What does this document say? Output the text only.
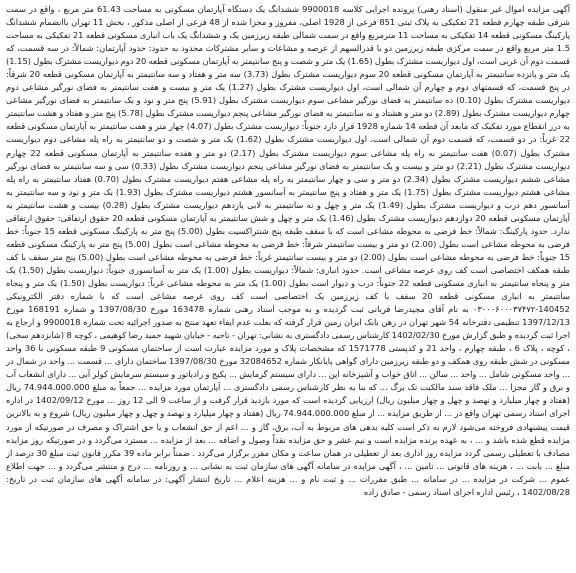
آگهی مزایده اموال غیر منقول (اسناد رهنی) پرونده اجرایی کلاسه 9900018 ششدانگ یک دستگاه آپارتمان مسکونی به مساحت 61.43 متر مربع ، واقع در سمت شرقی طبقه چهارم قطعه 21 تفکیکی به پلاک ثبتی 851 فرعی از 1928 اصلی، مفروز و مجزا شده از 48 فرعی از اصلی مذکور ، بخش 11 تهران باانضمام ششدانگ پارکینگ مسکونی قطعه 14 تفکیکی به مساحت 11 مترمربع واقع در سمت شمالی طبقه زیرزمین یک و ششدانگ یک باب انباری مسکونی قطعه 21 تفکیکی به مساحت 1.5 متر مربع واقع در سمت مرکزی طبقه زیرزمین دو با قدرالسهم از عرصه و مشاعات و سایر مشترکات محدود به حدود: حدود آپارتمان: شمالاً: در سه قسمت، که قسمت دوم آن غربی است، اول دیواریست مشترک بطول (1.65) یک متر و شصت و پنج سانتیمتر به آپارتمان مسکونی قطعه 20 دوم دیواریست مشترک بطول (1.15) یک متر و پانزده سانتیمتر به آپارتمان مسکونی قطعه 20 سوم دیواریست مشترک بطول (3.73) سه متر و هفتاد و سه سانتیمتر به آپارتمان مسکونی قطعه 20 شرقاً: در پنج قسمت، که قسمتهای دوم و چهارم آن شمالی است، اول دیواریست مشترک بطول (1.27) یک متر و بیست و هفت سانتیمتر به فضای نورگیر مشاعی دوم دیواریست مشترک بطول (0.10) ده سانتیمتر به فضای نورگیر مشاعی سوم دیواریست مشترک بطول (5.91) پنج متر و نود و یک سانتیمتر به فضای نورگیر مشاعی چهارم دیواریست مشترک بطول (2.89) دو متر و هشتاد و نه سانتیمتر به فضای نورگیر مشاعی پنجم دیواریست مشترک بطول (5.78) پنج متر و هفتاد و هشت سانتیمتر به درز انقطاع مورد تفکیک که مابعد آن قطعه 14 شماره 1928 قرار دارد جنوباً: دیواریست مشترک بطول (4.07) چهار متر و هفت سانتیمتر به آپارتمان مسکونی قطعه 22 غرباً: در دو قسمت، که قسمت دوم آن شمالی است، اول دیواریست مشترک بطول (1.62) یک متر و شصت و دو سانتیمتر به راه پله مشاعی دوم دیواریست مشترک بطول (0.07) هفت سانتیمتر به راه پله مشاعی سوم دیواریست مشترک بطول (2.17) دو متر و هفده سانتیمتر به آپارتمان مسکونی قطعه 22 چهارم دیواریست مشترک بطول (2.21) دو متر و بیست و یک سانتیمتر به فضای نورگیر مشاعی پنجم دیواریست مشترک بطول (0.33) سی و سه سانتیمتر به فضای نورگیر مشاعی ششم دیواریست مشترک بطول (2.34) دو متر و سی و چهار سانتیمتر به راه پله مشاعی هفتم دیواریست مشترک بطول (0.70) هفتاد سانتیمتر به راه پله مشاعی هشتم دیواریست مشترک بطول (1.75) یک متر و هفتاد و پنج سانتیمتر به آسانسور هشتم دیواریست مشترک بطول (1.93) یک متر و نود و سه سانتیمتر به آسانسور دهم درب و دیواریست مشترک بطول (1.49) یک متر و چهل و نه سانتیمتر به لابی یازدهم دیواریست مشترک بطول (0.28) بیست و هشت سانتیمتر به آپارتمان مسکونی قطعه 20 دوازدهم دیواریست مشترک بطول (1.46) یک متر و چهل و شش سانتیمتر به آپارتمان مسکونی قطعه 20 حقوق ارتفاقی: حقوق ارتفاقی ندارد. حدود پارکینگ: شمالاً: خط فرضی به محوطه مشاعی است که با سقف طبقه پنج شنتراکسیت بطول (5.00) پنج متر به پارکینگ مسکونی قطعه 15 جنوباً: خط فرضی به محوطه مشاعی است بطول (2.00) دو متر و بیست سانتیمتر شرقاً: خط فرضی به محوطه مشاعی است بطول (5.00) پنج متر به پارکینگ مسکونی قطعه 15 جنوباً: خط فرضی به محوطه مشاعی است بطول (2.00) دو متر و بیست سانتیمتر غرباً: خط فرضی به محوطه مشاعی است بطول (5.00) پنج متر سقف با کف طبقه همکف اختصاصی است کف روی عرصه مشاعی است. حدود انباری: شمالاً: دیواریست بطول (1.00) یک متر به آسانسوری جنوباً: دیواریست بطول (1.50) یک متر و پنجاه سانتیمتر به انباری مسکونی قطعه 22 جنوباً: درب و دیوار است بطول (1.00) یک متر به محوطه مشاعی غرباً: دیواریست بطول (1.50) یک متر و پنجاه سانتیمتر به انباری مسکونی قطعه 20 سقف با کف زیرزمین یک اختصاصی است کف روی عرصه مشاعی است که با شماره دفتر الکترونیکی 140452-۰۳۰۰۰۶۰۰۰۳۷۴۷۲ به نام آقای مجیدرضا قربانی ثبت گردیده و به موجب اسناد رهنی شماره 163478 مورخ 1397/08/30 و شماره 168191 مورخ 1397/12/13 تنظیمی دفترخانه 54 شهر تهران در رهن بانک ایران زمین قرار گرفته که بعلت عدم ایفاء تعهد منتج به صدور اجرائیه تحت شماره 9900018 و ارجاع به اجرا ثبت گردیده و طبق گزارش مورخ 1402/02/30 کارشناس رسمی دادگستری به نشانی: تهران - ناحیه - خیابان شهید حمید رضا کوهیمی ، کوچه 8 (شانزدهم سخی) ، کوچه ، پلاک 6 ، طبقه چهارم ، واحد 21 و کدپستی 1571778 که مشخصات پلاک و مورد مزایده عبارت است از ساختمان مسکونی 9 طبقه مسکونی با 36 واحد مسکونی در شش طبقه روی همکف و دو طبقه زیرزمین دارای گواهی پایانکار شماره 32084652 مورخ 1397/08/30 ساختمان دارای ... قسمت ... واحد در شمال در ... واحد مسکونی شامل ... واحد ... سالن ... اتاق خواب و آشپزخانه اپن ... دارای سیستم گرمایش ... پکیج و رادیاتور و سیستم سرمایش کولر آبی ... دارای انشعاب آب و برق و گاز مجزا ... ملک فاقد سند مالکیت تک برگ ... که بنا به نظر کارشناس رسمی دادگستری ... آپارتمان مورد مزایده ... جمعاً به مبلغ 74.944.000.000 ریال (هفتاد و چهار میلیارد و نهصد و چهل و چهار میلیون ریال) ارزیابی گردیده است که مورد بازدید قرار گرفت و از ساعت 9 الی 12 روز ... مورخ 1402/09/12 در اداره اجرای اسناد رسمی تهران واقع در ... از طریق مزایده ... از مبلغ 74.944.000.000 ریال (هفتاد و چهار میلیارد و نهصد و چهل و چهار میلیون ریال) شروع و به بالاترین قیمت پیشنهادی فروخته می‌شود لازم به ذکر است کلیه بدهی های مربوط به آب، برق، گاز و ... اعم از حق انشعاب و یا حق اشتراک و مصرف در صورتیکه از مورد مزایده قطع شده باشد و ... ، به عهده برنده مزایده است و نیم عشر و حق مزایده نقداً وصول و اضافه ... بعد از مزایده ... مسترد می‌گردد و در صورتیکه روز مزایده مصادف با تعطیلی رسمی گردد مزایده روز اداری بعد از تعطیلی در همان ساعت و مکان مقرر برگزار می‌گردد . ضمناً برابر ماده 39 مکرر قانون ثبت مبلغ 30 درصد از مبلغ ... بابت ... ، هزینه های قانونی ... تامین ... ، آگهی مزایده در سامانه آگهی های سازمان ثبت به نشانی ... و روزنامه ... درج و منتشر می‌گردد و ... جهت اطلاع عموم ... شرکت در مزایده ... در سامانه ... طبق مقررات ... و ثبت نام و ... هزینه اعلام ... تاریخ انتشار آگهی: در سامانه آگهی های سازمان ثبت در تاریخ: 1402/08/28 ، رئیس اداره اجرای اسناد رسمی - صادق زاده
